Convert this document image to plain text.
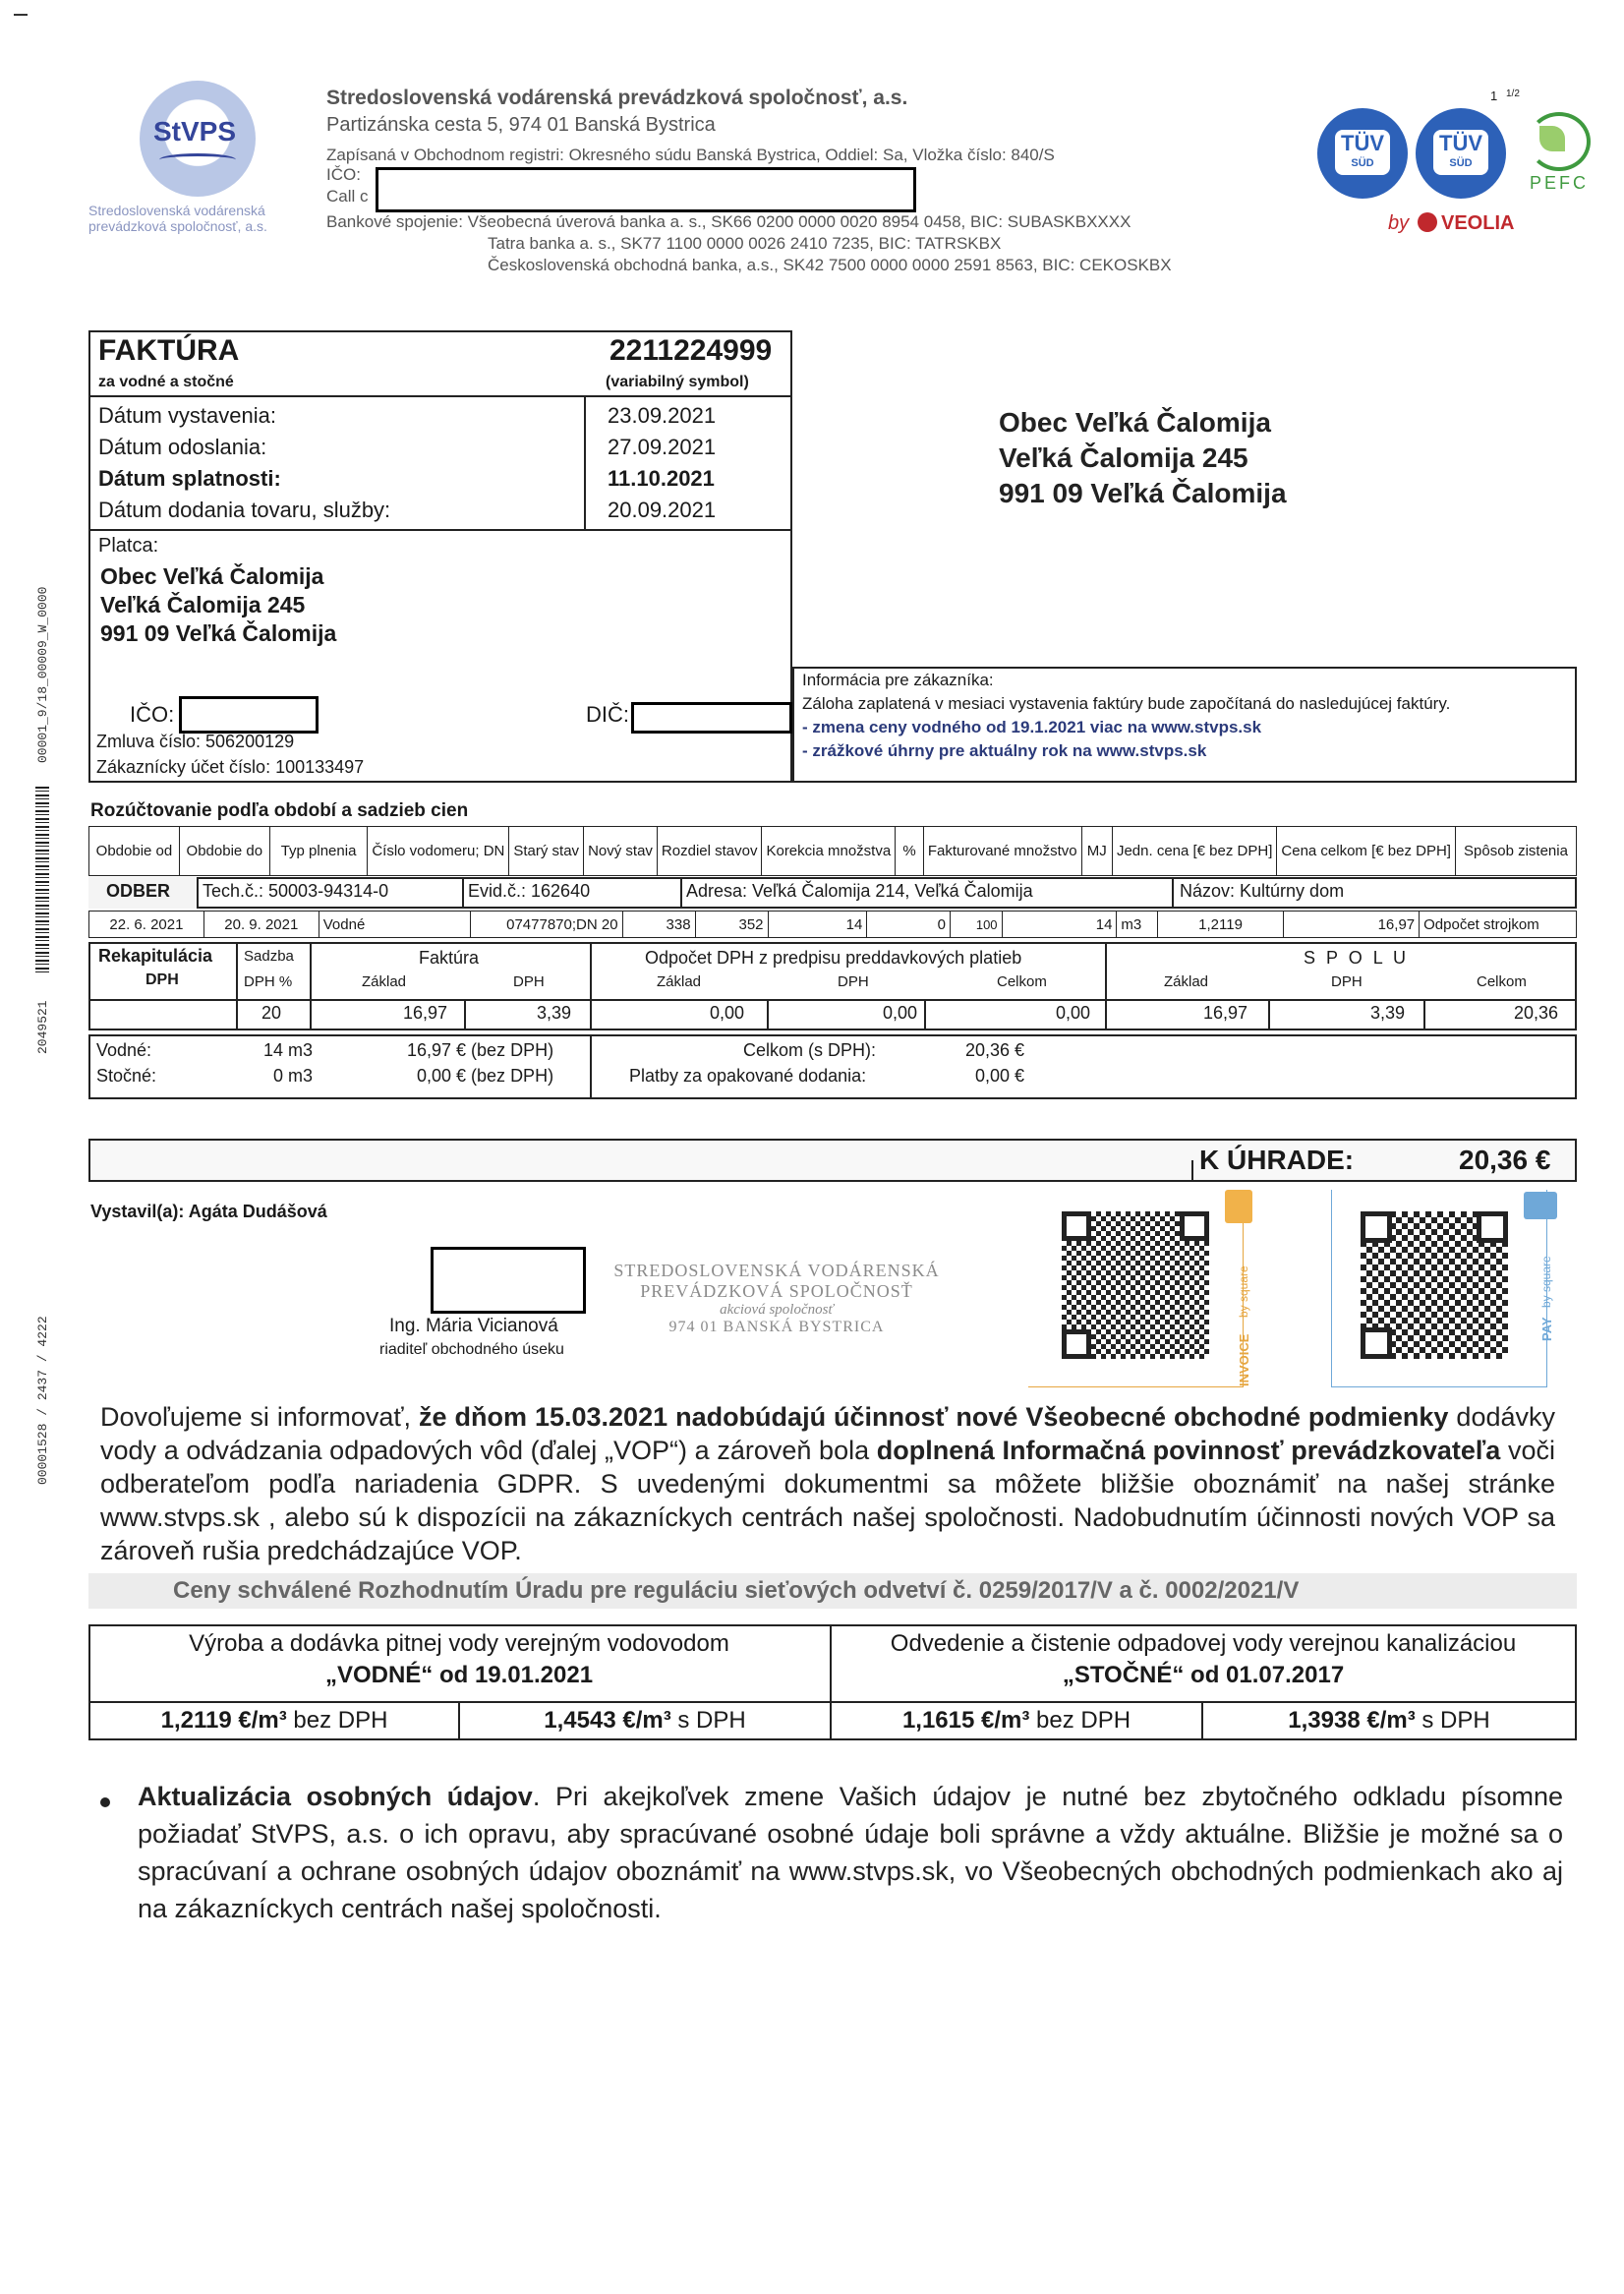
1 1/2
00001_9/18_00009_W_0000
2049521
00001528 / 2437 / 4222
StVPS
Stredoslovenská vodárenská
prevádzková spoločnosť, a.s.
Stredoslovenská vodárenská prevádzková spoločnosť, a.s.
Partizánska cesta 5, 974 01 Banská Bystrica
Zapísaná v Obchodnom registri: Okresného súdu Banská Bystrica, Oddiel: Sa, Vložka číslo: 840/S
IČO:
Call c
Bankové spojenie: Všeobecná úverová banka a. s., SK66 0200 0000 0020 8954 0458, BIC: SUBASKBXXXX
Tatra banka a. s., SK77 1100 0000 0026 2410 7235, BIC: TATRSKBX
Československá obchodná banka, a.s., SK42 7500 0000 0000 2591 8563, BIC: CEKOSKBX
TÜV
SÜD
TÜV
SÜD
PEFC
by VEOLIA
FAKTÚRA
za vodné a stočné
2211224999
(variabilný symbol)
Dátum vystavenia:	23.09.2021
Dátum odoslania:	27.09.2021
Dátum splatnosti:	11.10.2021
Dátum dodania tovaru, služby:	20.09.2021
Platca:
Obec Veľká Čalomija
Veľká Čalomija 245
991 09 Veľká Čalomija
IČO:	DIČ:
Zmluva číslo: 506200129
Zákaznícky účet číslo: 100133497
Obec Veľká Čalomija
Veľká Čalomija 245
991 09 Veľká Čalomija
Informácia pre zákazníka:
Záloha zaplatená v mesiaci vystavenia faktúry bude započítaná do nasledujúcej faktúry.
- zmena ceny vodného od 19.1.2021 viac na www.stvps.sk
- zrážkové úhrny pre aktuálny rok na www.stvps.sk
Rozúčtovanie podľa období a sadzieb cien
Obdobie od	Obdobie do	Typ plnenia	Číslo vodomeru; DN	Starý stav	Nový stav	Rozdiel stavov	Korekcia množstva	%	Fakturované množstvo	MJ	Jedn. cena [€ bez DPH]	Cena celkom [€ bez DPH]	Spôsob zistenia
ODBER Tech.č.: 50003-94314-0	Evid.č.: 162640	Adresa: Veľká Čalomija 214, Veľká Čalomija	Názov: Kultúrny dom
22. 6. 2021	20. 9. 2021	Vodné	07477870;DN 20	338	352	14	0	100	14	m3	1,2119	16,97	Odpočet strojkom
Rekapitulácia
DPH
Sadzba
DPH %
Faktúra
Základ	DPH
Odpočet DPH z predpisu preddavkových platieb
Základ	DPH	Celkom
S P O L U
Základ	DPH	Celkom
20	16,97	3,39	0,00	0,00	0,00	16,97	3,39	20,36
Vodné:	14 m3	16,97 € (bez DPH)
Stočné:	0 m3	0,00 € (bez DPH)
Celkom (s DPH):	20,36 €
Platby za opakované dodania:	0,00 €
K ÚHRADE:	20,36 €
Vystavil(a): Agáta Dudášová
Ing. Mária Vicianová
riaditeľ obchodného úseku
STREDOSLOVENSKÁ VODÁRENSKÁ
PREVÁDZKOVÁ SPOLOČNOSŤ
akciová spoločnosť
974 01 BANSKÁ BYSTRICA
INVOICE
by square
PAY
by square
Dovoľujeme si informovať, že dňom 15.03.2021 nadobúdajú účinnosť nové Všeobecné obchodné podmienky dodávky vody a odvádzania odpadových vôd (ďalej „VOP“) a zároveň bola doplnená Informačná povinnosť prevádzkovateľa voči odberateľom podľa nariadenia GDPR. S uvedenými dokumentmi sa môžete bližšie oboznámiť na našej stránke www.stvps.sk , alebo sú k dispozícii na zákazníckych centrách našej spoločnosti. Nadobudnutím účinnosti nových VOP sa zároveň rušia predchádzajúce VOP.
Ceny schválené Rozhodnutím Úradu pre reguláciu sieťových odvetví č. 0259/2017/V a č. 0002/2021/V
Výroba a dodávka pitnej vody verejným vodovodom
„VODNÉ“ od 19.01.2021
Odvedenie a čistenie odpadovej vody verejnou kanalizáciou
„STOČNÉ“ od 01.07.2017
1,2119 €/m³ bez DPH	1,4543 €/m³ s DPH	1,1615 €/m³ bez DPH	1,3938 €/m³ s DPH
Aktualizácia osobných údajov. Pri akejkoľvek zmene Vašich údajov je nutné bez zbytočného odkladu písomne požiadať StVPS, a.s. o ich opravu, aby spracúvané osobné údaje boli správne a vždy aktuálne. Bližšie je možné sa o spracúvaní a ochrane osobných údajov oboznámiť na www.stvps.sk, vo Všeobecných obchodných podmienkach ako aj na zákazníckych centrách našej spoločnosti.
